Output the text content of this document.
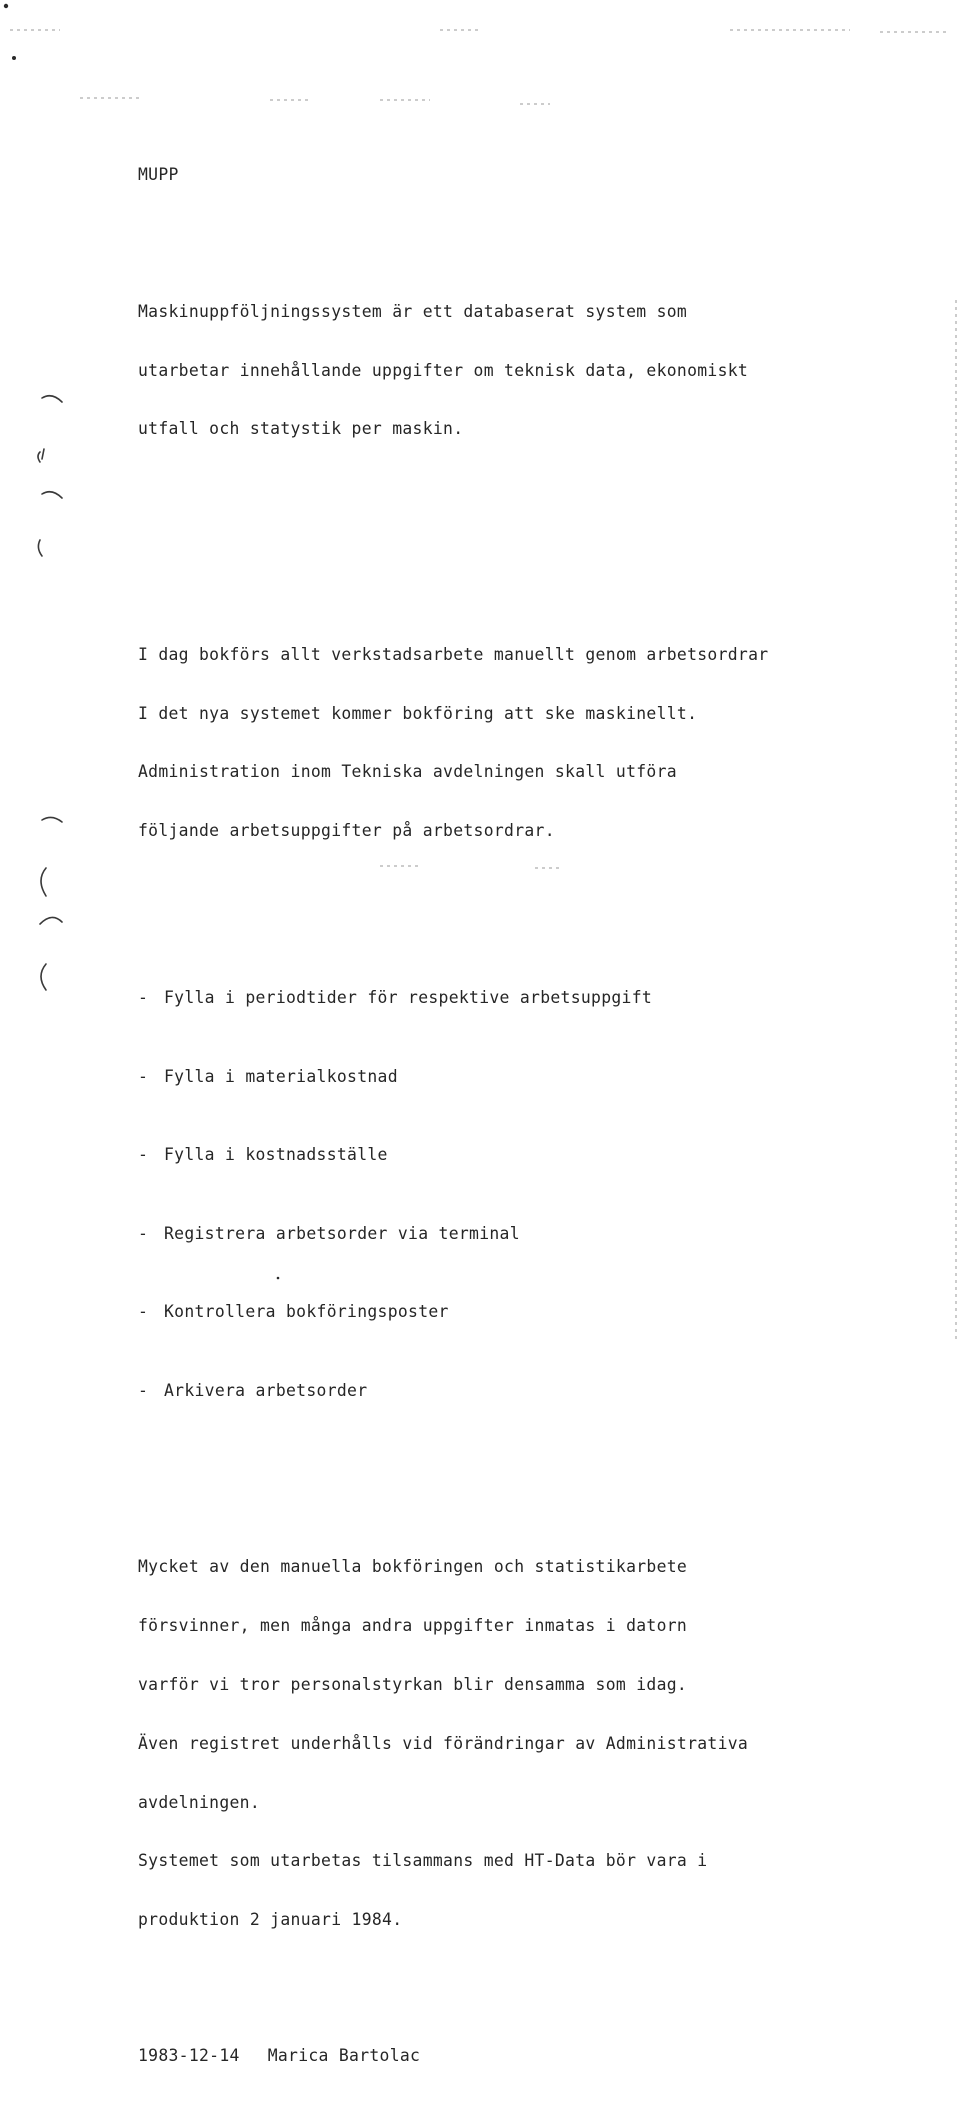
MUPP

Maskinuppföljningssystem är ett databaserat system som

utarbetar innehållande uppgifter om teknisk data, ekonomiskt

utfall och statystik per maskin.

I dag bokförs allt verkstadsarbete manuellt genom arbetsordrar

I det nya systemet kommer bokföring att ske maskinellt.

Administration inom Tekniska avdelningen skall utföra

följande arbetsuppgifter på arbetsordrar.

- Fylla i periodtider för respektive arbetsuppgift

- Fylla i materialkostnad

- Fylla i kostnadsställe

- Registrera arbetsorder via terminal

- Kontrollera bokföringsposter

- Arkivera arbetsorder

Mycket av den manuella bokföringen och statistikarbete

försvinner, men många andra uppgifter inmatas i datorn

varför vi tror personalstyrkan blir densamma som idag.

Även registret underhålls vid förändringar av Administrativa

avdelningen.

Systemet som utarbetas tilsammans med HT-Data bör vara i

produktion 2 januari 1984.

1983-12-14 Marica Bartolac
